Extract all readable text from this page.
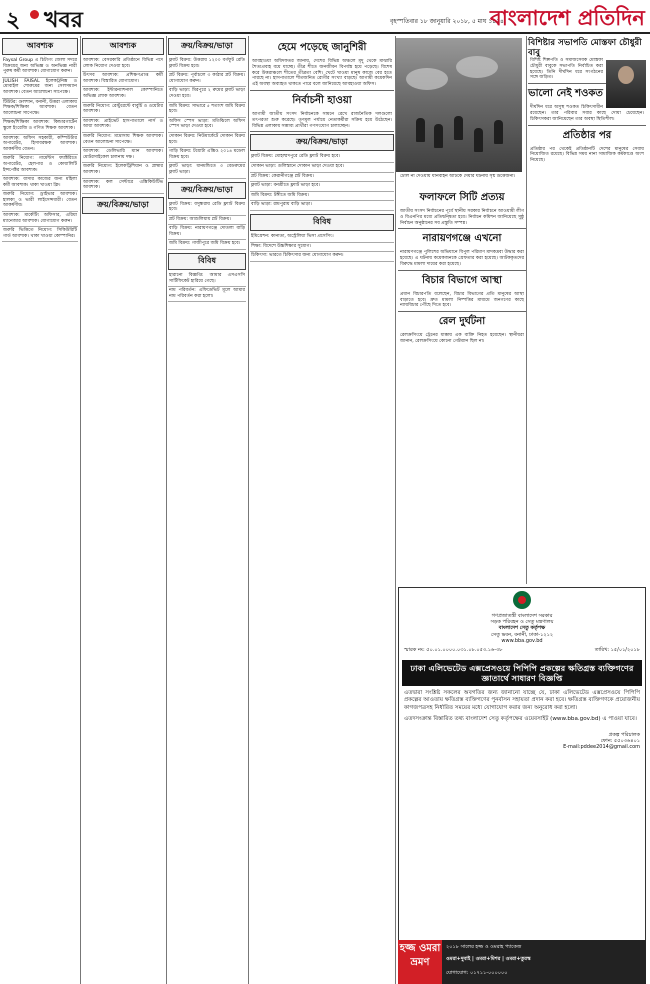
২ খবর	বৃহস্পতিবার ১৮ জানুয়ারি ২০১৮, ৫ মাঘ ১৪২৪
বাংলাদেশ প্রতিদিন
আবশ্যক
Faysal Group এ চিটাগং জেলা সদরে বিক্রয়ের জন্য অভিজ্ঞ ও অনভিজ্ঞ নারী পুরুষ কর্মী আবশ্যক। যোগাযোগ করুন।
JULISH FAISAL ইলেকট্রনিক্স ও মোবাইল শোরুমের জন্য সেলসম্যান আবশ্যক। বেতন আলোচনা সাপেক্ষে।
টিউটর: গুলশান, বনানী, উত্তরা এলাকায় শিক্ষক/শিক্ষিকা আবশ্যক। বেতন আলোচনা সাপেক্ষে।
শিক্ষক/শিক্ষিকা আবশ্যক: কিন্ডারগার্টেন স্কুলে ইংরেজি ও গণিত শিক্ষক আবশ্যক।
আবশ্যক: অফিস সহকারী, কম্পিউটার অপারেটর, হিসাবরক্ষক আবশ্যক। আকর্ষণীয় বেতন।
জরুরি নিয়োগ: গার্মেন্টস ফ্যাক্টরিতে অপারেটর, হেলপার ও কোয়ালিটি ইন্সপেক্টর আবশ্যক।
আবশ্যক: বাসার কাজের জন্য মহিলা কর্মী আবশ্যক। থাকা খাওয়া ফ্রি।
জরুরি নিয়োগ: ড্রাইভার আবশ্যক। হালকা ও ভারী লাইসেন্সধারী। বেতন আকর্ষণীয়।
আবশ্যক: মার্কেটিং অফিসার, এরিয়া ম্যানেজার আবশ্যক। যোগাযোগ করুন।
জরুরি ভিত্তিতে নিয়োগ: সিকিউরিটি গার্ড আবশ্যক। থাকা খাওয়া কোম্পানির।
আবশ্যক
আবশ্যক: বেসরকারি প্রতিষ্ঠানে বিভিন্ন পদে লোক নিয়োগ দেওয়া হবে।
উৎসব আবশ্যক: প্রশিক্ষণপ্রাপ্ত কর্মী আবশ্যক। বিস্তারিত যোগাযোগ।
আবশ্যক: ইন্টারন্যাশনাল কোম্পানিতে অভিজ্ঞ লোক আবশ্যক।
জরুরি নিয়োগ: রেস্টুরেন্টে বাবুর্চি ও ওয়েটার আবশ্যক।
আবশ্যক: প্রাইভেট হাসপাতালে নার্স ও আয়া আবশ্যক।
জরুরি নিয়োগ: মাদ্রাসায় শিক্ষক আবশ্যক। বেতন আলোচনা সাপেক্ষে।
আবশ্যক: ডেলিভারি ম্যান আবশ্যক। মোটরসাইকেল চালনায় দক্ষ।
জরুরি নিয়োগ: ইলেকট্রিশিয়ান ও প্লাম্বার আবশ্যক।
আবশ্যক: কল সেন্টারে এক্সিকিউটিভ আবশ্যক।
ক্রয়/বিক্রয়/ভাড়া
ক্রয়/বিক্রয়/ভাড়া
ফ্ল্যাট বিক্রয়: উত্তরায় ১২০০ বর্গফুট রেডি ফ্ল্যাট বিক্রয় হবে।
প্লট বিক্রয়: পূর্বাচলে ৩ কাঠার প্লট বিক্রয়। যোগাযোগ করুন।
বাড়ি ভাড়া: মিরপুরে ২ রুমের ফ্ল্যাট ভাড়া দেওয়া হবে।
জমি বিক্রয়: সাভারে ৫ শতাংশ জমি বিক্রয় হবে।
অফিস স্পেস ভাড়া: মতিঝিলে অফিস স্পেস ভাড়া দেওয়া হবে।
দোকান বিক্রয়: নিউমার্কেটে দোকান বিক্রয় হবে।
গাড়ি বিক্রয়: টয়োটা এক্সিও ২০১৪ মডেল বিক্রয় হবে।
ফ্ল্যাট ভাড়া: ধানমন্ডিতে ৩ বেডরুমের ফ্ল্যাট ভাড়া।
ক্রয়/বিক্রয়/ভাড়া
ফ্ল্যাট বিক্রয়: বসুন্ধরায় রেডি ফ্ল্যাট বিক্রয় হবে।
প্লট বিক্রয়: আশুলিয়ায় প্লট বিক্রয়।
বাড়ি বিক্রয়: নারায়ণগঞ্জে দোতলা বাড়ি বিক্রয়।
জমি বিক্রয়: গাজীপুরে জমি বিক্রয় হবে।
বিবিধ
হারানো বিজ্ঞপ্তি: আমার এসএসসি সার্টিফিকেট হারিয়ে গেছে।
নাম পরিবর্তন: এফিডেভিট মূলে আমার নাম পরিবর্তন করা হলো।
হেমে পড়েছে জানুশিরী
আবহাওয়া অধিদফতর জানায়, দেশের বিভিন্ন অঞ্চলে মৃদু থেকে মাঝারি শৈত্যপ্রবাহ বয়ে যাচ্ছে। তীব্র শীতে জনজীবন বিপর্যস্ত হয়ে পড়েছে। বিশেষ করে উত্তরাঞ্চলে শীতের তীব্রতা বেশি। খেটে খাওয়া মানুষ কাজে বের হতে পারছে না। হাসপাতালে শীতজনিত রোগীর সংখ্যা বাড়ছে। আগামী কয়েকদিন এই অবস্থা অব্যাহত থাকতে পারে বলে জানিয়েছে আবহাওয়া অফিস।
নির্বাচনী হাওয়া
আগামী জাতীয় সংসদ নির্বাচনকে সামনে রেখে রাজনৈতিক দলগুলো তৎপরতা শুরু করেছে। তৃণমূল পর্যায়ে নেতাকর্মীরা সক্রিয় হয়ে উঠেছেন। বিভিন্ন এলাকায় সম্ভাব্য প্রার্থীরা গণসংযোগ চালাচ্ছেন।
ক্রয়/বিক্রয়/ভাড়া
ফ্ল্যাট বিক্রয়: মোহাম্মদপুরে রেডি ফ্ল্যাট বিক্রয় হবে।
দোকান ভাড়া: গুলিস্তানে দোকান ভাড়া দেওয়া হবে।
প্লট বিক্রয়: কেরানীগঞ্জে প্লট বিক্রয়।
ফ্ল্যাট ভাড়া: বনশ্রীতে ফ্ল্যাট ভাড়া হবে।
জমি বিক্রয়: টঙ্গীতে জমি বিক্রয়।
বাড়ি ভাড়া: রামপুরায় বাড়ি ভাড়া।
বিবিধ
ইমিগ্রেশন: কানাডা, অস্ট্রেলিয়া ভিসা প্রসেসিং।
শিক্ষা: বিদেশে উচ্চশিক্ষার সুযোগ।
চিকিৎসা: ভারতে চিকিৎসার জন্য যোগাযোগ করুন।
টোল না দেওয়ায় যানবাহন আটকে দেয়ার ঘটনায় সৃষ্ট উত্তেজনা।
ফলাফলে সিটি প্রত্যয়
জাতীয় সংসদ নির্বাচনের পূর্বে স্থানীয় সরকার নির্বাচনে আওয়ামী লীগ ও বিএনপির মধ্যে প্রতিদ্বন্দ্বিতা হবে। নির্বাচন কমিশন জানিয়েছে সুষ্ঠু নির্বাচন অনুষ্ঠানের সব প্রস্তুতি সম্পন্ন।
নারায়ণগঞ্জে এখনো
নারায়ণগঞ্জে পুলিশের অভিযানে বিপুল পরিমাণ মাদকদ্রব্য উদ্ধার করা হয়েছে। এ ঘটনায় কয়েকজনকে গ্রেফতার করা হয়েছে। আটককৃতদের বিরুদ্ধে মামলা দায়ের করা হয়েছে।
বিচার বিভাগে আস্থা
প্রধান বিচারপতি বলেছেন, বিচার বিভাগের প্রতি মানুষের আস্থা বাড়াতে হবে। দ্রুত মামলা নিষ্পত্তির মাধ্যমে জনগণের কাছে ন্যায়বিচার পৌঁছে দিতে হবে।
রেল দুর্ঘটনা
রেলক্রসিংয়ে ট্রেনের ধাক্কায় এক ব্যক্তি নিহত হয়েছেন। স্থানীয়রা জানান, রেলক্রসিংয়ে কোনো গেটম্যান ছিল না।
বিশিষ্টার সভাপতি মোস্তফা চৌধুরী বাবু
বিশিষ্ট শিল্পপতি ও সমাজসেবক মোস্তফা চৌধুরী বাবুকে সভাপতি নির্বাচিত করা হয়েছে। তিনি দীর্ঘদিন ধরে সংগঠনের সঙ্গে জড়িত।
ভালো নেই শওকত
দীর্ঘদিন ধরে অসুস্থ শওকত চিকিৎসাধীন রয়েছেন। তার পরিবার সবার কাছে দোয়া চেয়েছেন। চিকিৎসকরা জানিয়েছেন তার অবস্থা স্থিতিশীল।
প্রতিষ্ঠার পর
প্রতিষ্ঠার পর থেকেই প্রতিষ্ঠানটি দেশের মানুষের সেবায় নিয়োজিত রয়েছে। বিভিন্ন সময় নানা সামাজিক কর্মকাণ্ডে অংশ নিয়েছে।
গণপ্রজাতন্ত্রী বাংলাদেশ সরকার
সড়ক পরিবহন ও সেতু মন্ত্রণালয়
বাংলাদেশ সেতু কর্তৃপক্ষ
সেতু ভবন, বনানী, ঢাকা-১২১২
www.bba.gov.bd
স্মারক নং: ৫০.০১.০০০০.০৩১.০৮.০৫৩.১৬-৩৮	তারিখ: ১৫/০১/২০১৮
ঢাকা এলিভেটেড এক্সপ্রেসওয়ে পিপিপি প্রকল্পের ক্ষতিগ্রস্ত ব্যক্তিগণের জ্ঞাতার্থে সাধারণ বিজ্ঞপ্তি
এতদ্বারা সংশ্লিষ্ট সকলের অবগতির জন্য জানানো যাচ্ছে যে, ঢাকা এলিভেটেড এক্সপ্রেসওয়ে পিপিপি প্রকল্পের আওতায় ক্ষতিগ্রস্ত ব্যক্তিগণের পুনর্বাসন সহায়তা প্রদান করা হবে। ক্ষতিগ্রস্ত ব্যক্তিগণকে প্রয়োজনীয় কাগজপত্রসহ নির্ধারিত সময়ের মধ্যে যোগাযোগ করার জন্য অনুরোধ করা হলো।
এতদসংক্রান্ত বিস্তারিত তথ্য বাংলাদেশ সেতু কর্তৃপক্ষের ওয়েবসাইট (www.bba.gov.bd) এ পাওয়া যাবে।
প্রকল্প পরিচালক
ফোন: ৫৫০৩৬৪০১
E-mail:pddee2014@gmail.com
হজ্জ ওমরা ভ্রমণ
২০১৮ সালের হজ্জ ও ওমরাহ প্যাকেজ
ওমরা+দুবাই | ওমরা+মিশর | ওমরা+তুরস্ক
যোগাযোগ: ০১৭১১-০০০০০০
